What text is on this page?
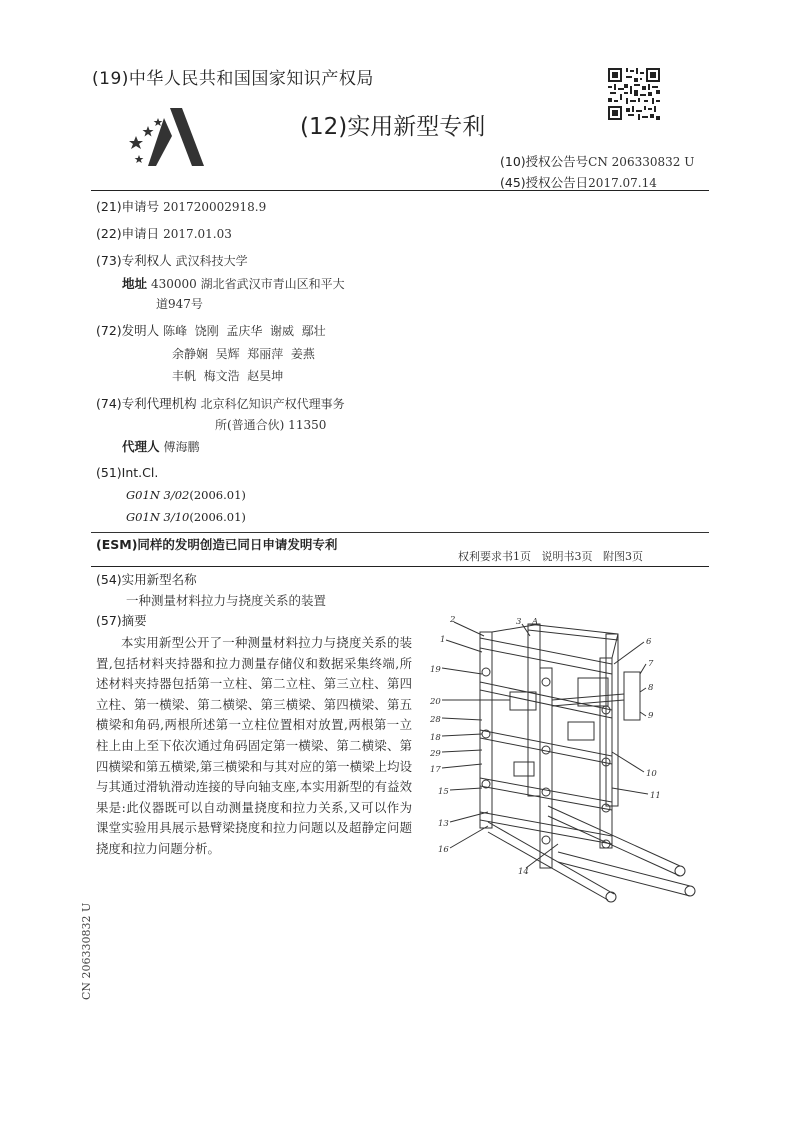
(19)中华人民共和国国家知识产权局
(12)实用新型专利
(10)授权公告号CN 206330832 U
(45)授权公告日2017.07.14
(21)申请号 201720002918.9
(22)申请日 2017.01.03
(73)专利权人 武汉科技大学
地址 430000 湖北省武汉市青山区和平大
道947号
(72)发明人 陈峰  饶刚  孟庆华  谢威  鄢壮
余静娴  吴辉  郑丽萍  姜燕
丰帆  梅文浩  赵昊坤
(74)专利代理机构 北京科亿知识产权代理事务
所(普通合伙) 11350
代理人 傅海鹏
(51)Int.Cl.
G01N 3/02(2006.01)
G01N 3/10(2006.01)
(ESM)同样的发明创造已同日申请发明专利
权利要求书1页   说明书3页   附图3页
(54)实用新型名称
一种测量材料拉力与挠度关系的装置
(57)摘要
本实用新型公开了一种测量材料拉力与挠度关系的装置,包括材料夹持器和拉力测量存储仪和数据采集终端,所述材料夹持器包括第一立柱、第二立柱、第三立柱、第四立柱、第一横梁、第二横梁、第三横梁、第四横梁、第五横梁和角码,两根所述第一立柱位置相对放置,两根第一立柱上由上至下依次通过角码固定第一横梁、第二横梁、第四横梁和第五横梁,第三横梁和与其对应的第一横梁上均设与其通过滑轨滑动连接的导向轴支座,本实用新型的有益效果是:此仪器既可以自动测量挠度和拉力关系,又可以作为课堂实验用具展示悬臂梁挠度和拉力问题以及超静定问题挠度和拉力问题分析。
2	3 A
1
19
20
28
18
29
17
15
13
16
14
6
7
8
9
10
11
CN 206330832 U
